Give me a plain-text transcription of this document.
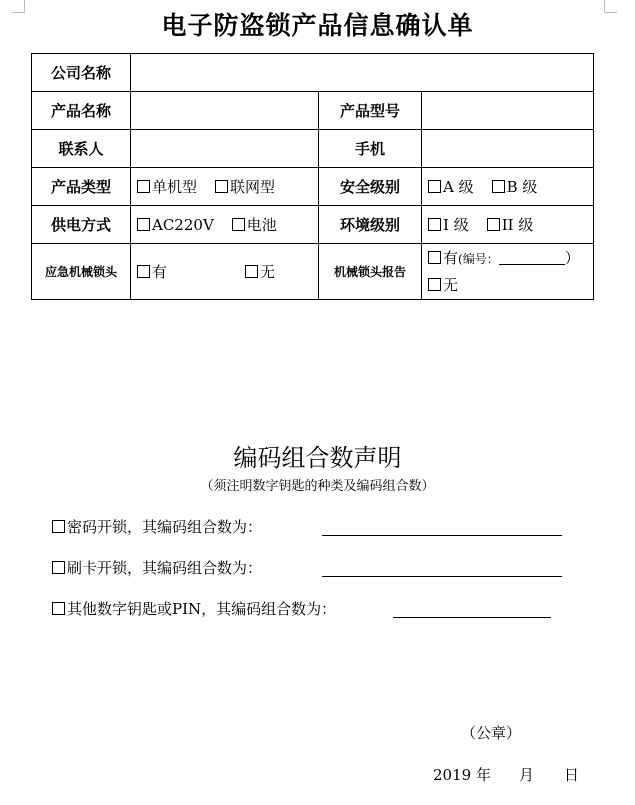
电子防盗锁产品信息确认单
公司名称			
产品名称		产品型号	
联系人		手机	
产品类型	单机型 联网型	安全级别	A 级 B 级
供电方式	AC220V 电池	环境级别	I 级 II 级
应急机械锁头	有 无	机械锁头报告	有(编号： ）
无
编码组合数声明
（须注明数字钥匙的种类及编码组合数）
密码开锁，其编码组合数为：
刷卡开锁，其编码组合数为：
其他数字钥匙或PIN，其编码组合数为：
（公章）
2019 年 月 日
